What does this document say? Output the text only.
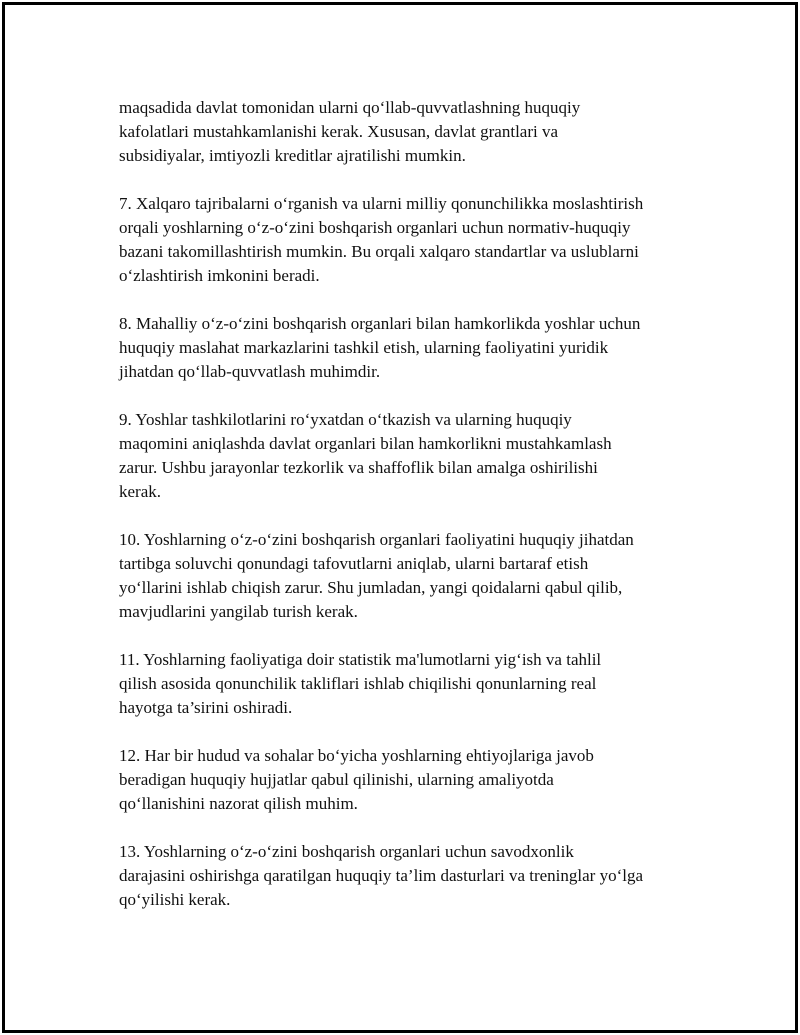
maqsadida davlat tomonidan ularni qo‘llab-quvvatlashning huquqiy
kafolatlari mustahkamlanishi kerak. Xususan, davlat grantlari va
subsidiyalar, imtiyozli kreditlar ajratilishi mumkin.

7. Xalqaro tajribalarni o‘rganish va ularni milliy qonunchilikka moslashtirish
orqali yoshlarning o‘z-o‘zini boshqarish organlari uchun normativ-huquqiy
bazani takomillashtirish mumkin. Bu orqali xalqaro standartlar va uslublarni
o‘zlashtirish imkonini beradi.

8. Mahalliy o‘z-o‘zini boshqarish organlari bilan hamkorlikda yoshlar uchun
huquqiy maslahat markazlarini tashkil etish, ularning faoliyatini yuridik
jihatdan qo‘llab-quvvatlash muhimdir.

9. Yoshlar tashkilotlarini ro‘yxatdan o‘tkazish va ularning huquqiy
maqomini aniqlashda davlat organlari bilan hamkorlikni mustahkamlash
zarur. Ushbu jarayonlar tezkorlik va shaffoflik bilan amalga oshirilishi
kerak.

10. Yoshlarning o‘z-o‘zini boshqarish organlari faoliyatini huquqiy jihatdan
tartibga soluvchi qonundagi tafovutlarni aniqlab, ularni bartaraf etish
yo‘llarini ishlab chiqish zarur. Shu jumladan, yangi qoidalarni qabul qilib,
mavjudlarini yangilab turish kerak.

11. Yoshlarning faoliyatiga doir statistik ma'lumotlarni yig‘ish va tahlil
qilish asosida qonunchilik takliflari ishlab chiqilishi qonunlarning real
hayotga ta’sirini oshiradi.

12. Har bir hudud va sohalar bo‘yicha yoshlarning ehtiyojlariga javob
beradigan huquqiy hujjatlar qabul qilinishi, ularning amaliyotda
qo‘llanishini nazorat qilish muhim.

13. Yoshlarning o‘z-o‘zini boshqarish organlari uchun savodxonlik
darajasini oshirishga qaratilgan huquqiy ta’lim dasturlari va treninglar yo‘lga
qo‘yilishi kerak.
